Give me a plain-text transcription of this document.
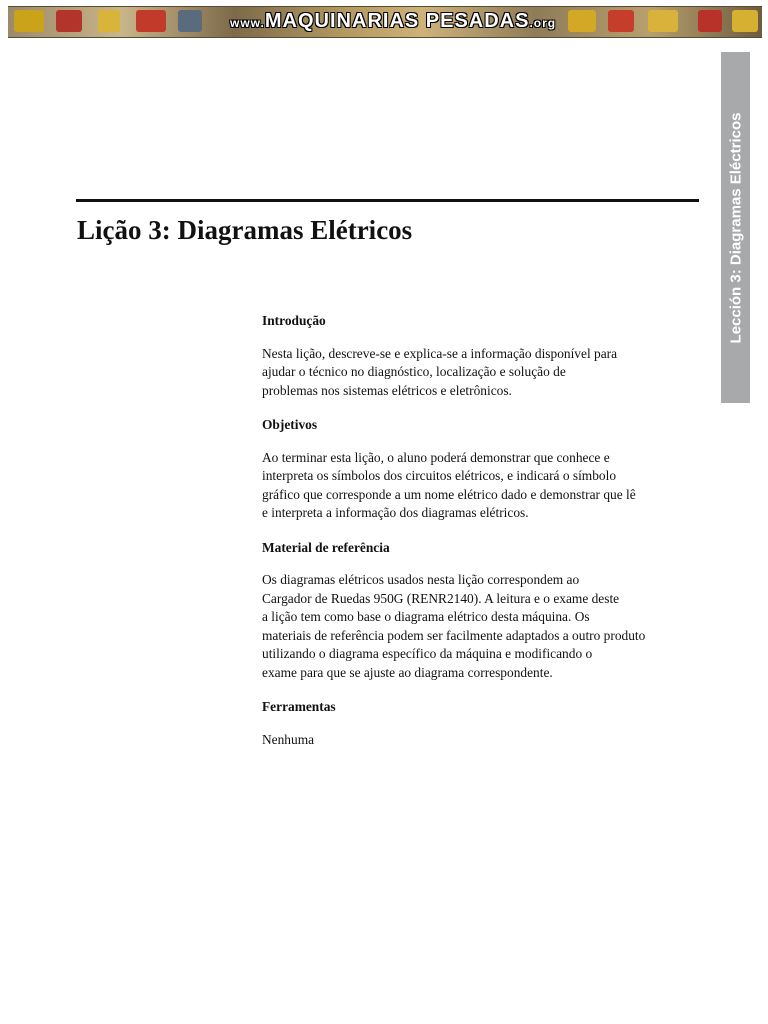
www.MAQUINARIAS PESADAS.org
Lección 3: Diagramas Eléctricos
Lição 3: Diagramas Elétricos
Introdução

Nesta lição, descreve-se e explica-se a informação disponível para
ajudar o técnico no diagnóstico, localização e solução de
problemas nos sistemas elétricos e eletrônicos.

Objetivos

Ao terminar esta lição, o aluno poderá demonstrar que conhece e
interpreta os símbolos dos circuitos elétricos, e indicará o símbolo
gráfico que corresponde a um nome elétrico dado e demonstrar que lê
e interpreta a informação dos diagramas elétricos.

Material de referência

Os diagramas elétricos usados nesta lição correspondem ao
Cargador de Ruedas 950G (RENR2140). A leitura e o exame deste
a lição tem como base o diagrama elétrico desta máquina. Os
materiais de referência podem ser facilmente adaptados a outro produto
utilizando o diagrama específico da máquina e modificando o
exame para que se ajuste ao diagrama correspondente.

Ferramentas

Nenhuma
